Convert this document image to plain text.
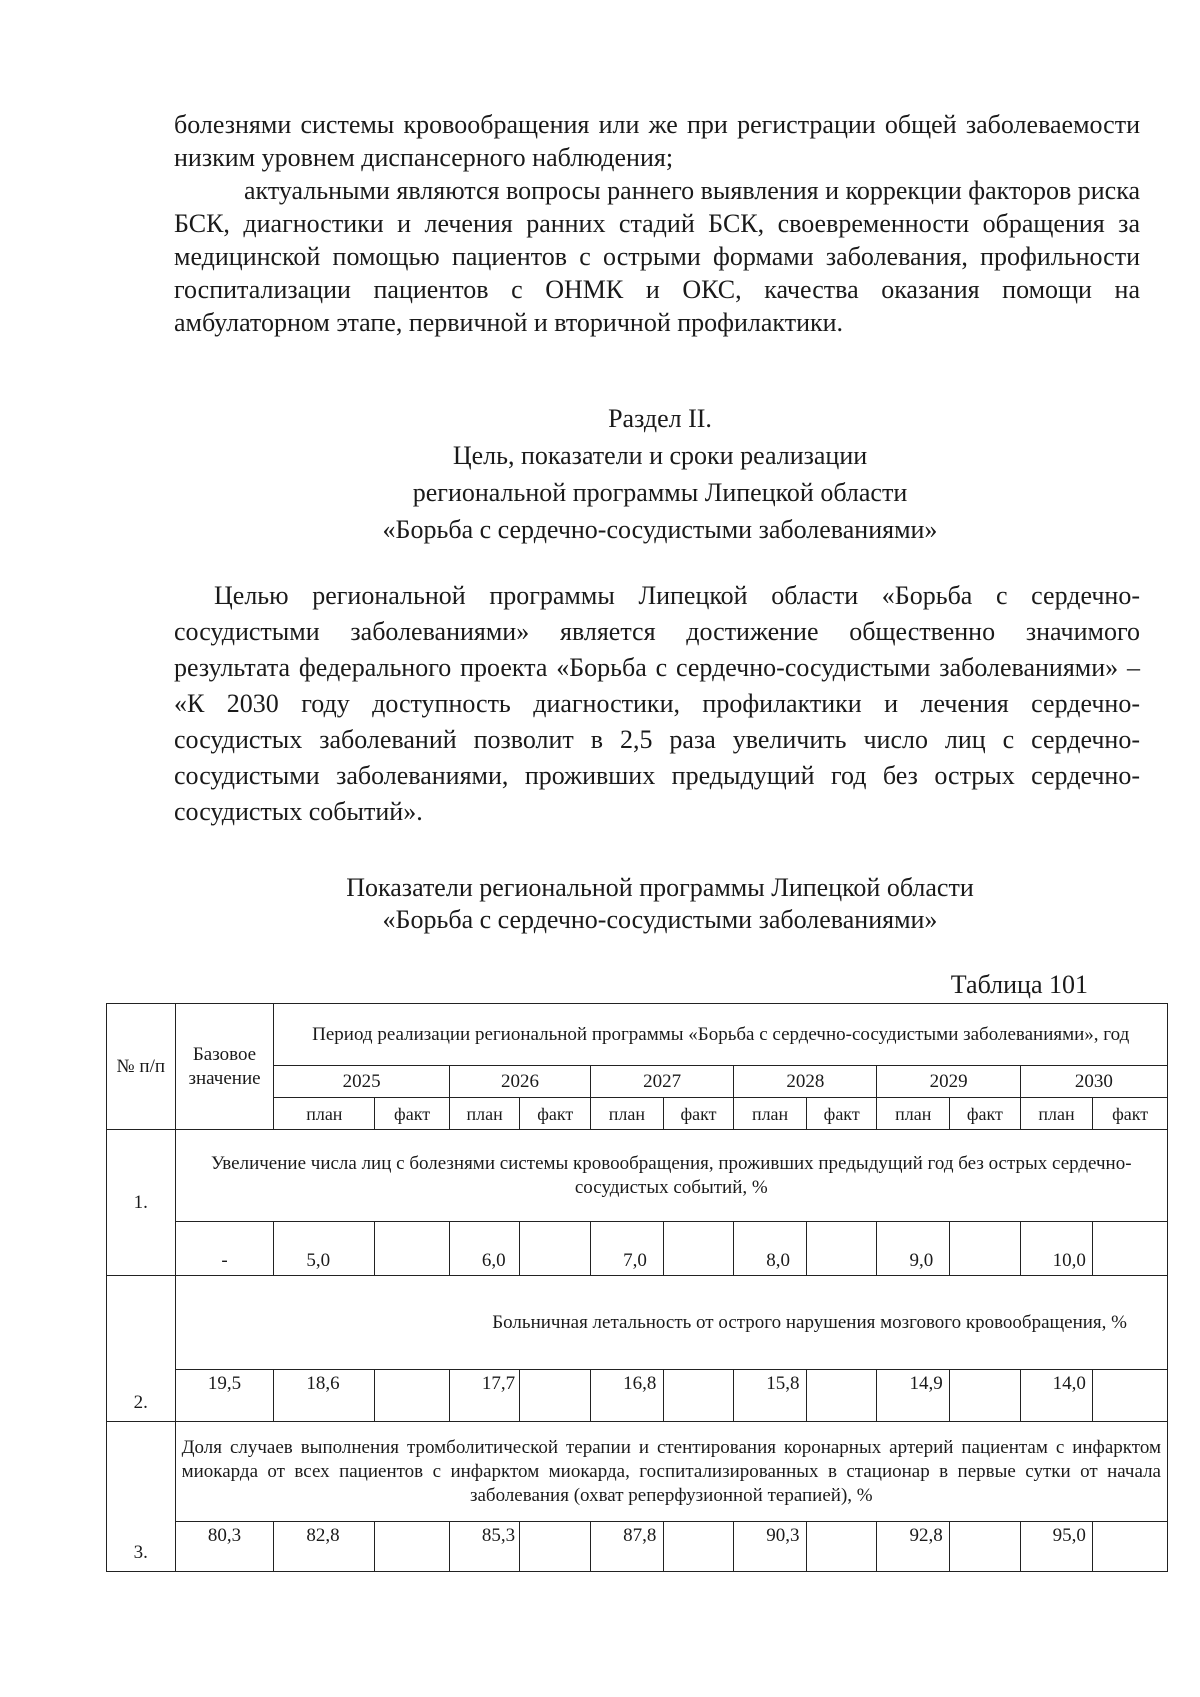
болезнями системы кровообращения или же при регистрации общей заболеваемости низким уровнем диспансерного наблюдения;

актуальными являются вопросы раннего выявления и коррекции факторов риска БСК, диагностики и лечения ранних стадий БСК, своевременности обращения за медицинской помощью пациентов с острыми формами заболевания, профильности госпитализации пациентов с ОНМК и ОКС, качества оказания помощи на амбулаторном этапе, первичной и вторичной профилактики.

Раздел II.
Цель, показатели и сроки реализации
региональной программы Липецкой области
«Борьба с сердечно-сосудистыми заболеваниями»

Целью региональной программы Липецкой области «Борьба с сердечно-сосудистыми заболеваниями» является достижение общественно значимого результата федерального проекта «Борьба с сердечно-сосудистыми заболеваниями» – «К 2030 году доступность диагностики, профилактики и лечения сердечно-сосудистых заболеваний позволит в 2,5 раза увеличить число лиц с сердечно-сосудистыми заболеваниями, проживших предыдущий год без острых сердечно-сосудистых событий».

Показатели региональной программы Липецкой области
«Борьба с сердечно-сосудистыми заболеваниями»
Таблица 101
№ п/п	Базовое значение	Период реализации региональной программы «Борьба с сердечно-сосудистыми заболеваниями», год											
		2025		2026		2027		2028		2029		2030	
		план	факт	план	факт	план	факт	план	факт	план	факт	план	факт
1.	Увеличение числа лиц с болезнями системы кровообращения, проживших предыдущий год без острых сердечно-сосудистых событий, %												
	-	5,0		6,0		7,0		8,0		9,0		10,0	
2.	Больничная летальность от острого нарушения мозгового кровообращения, %												
	19,5	18,6		17,7		16,8		15,8		14,9		14,0	
3.	Доля случаев выполнения тромболитической терапии и стентирования коронарных артерий пациентам с инфарктом миокарда от всех пациентов с инфарктом миокарда, госпитализированных в стационар в первые сутки от начала заболевания (охват реперфузионной терапией), %												
	80,3	82,8		85,3		87,8		90,3		92,8		95,0	
